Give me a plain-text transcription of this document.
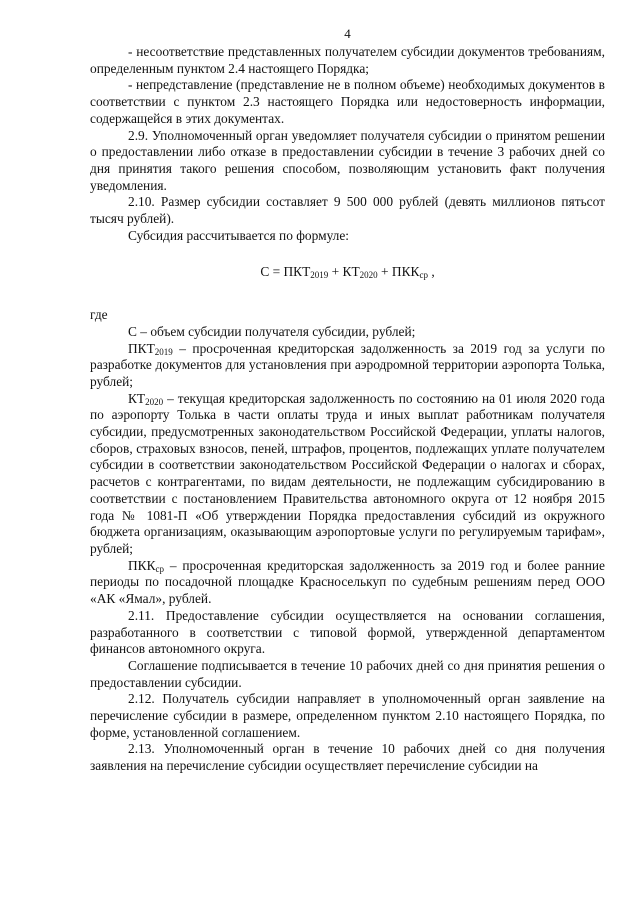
4

- несоответствие представленных получателем субсидии документов требованиям, определенным пунктом 2.4 настоящего Порядка;

- непредставление (представление не в полном объеме) необходимых документов в соответствии с пунктом 2.3 настоящего Порядка или недостоверность информации, содержащейся в этих документах.

2.9. Уполномоченный орган уведомляет получателя субсидии о принятом решении о предоставлении либо отказе в предоставлении субсидии в течение 3 рабочих дней со дня принятия такого решения способом, позволяющим установить факт получения уведомления.

2.10. Размер субсидии составляет 9 500 000 рублей (девять миллионов пятьсот тысяч рублей).

Субсидия рассчитывается по формуле:

$С = ПКТ_{2019} + КТ_{2020} + ПКК_{ср}$ ,

где

С – объем субсидии получателя субсидии, рублей;

$ПКТ_{2019}$ – просроченная кредиторская задолженность за 2019 год за услуги по разработке документов для установления при аэродромной территории аэропорта Толька, рублей;

$КТ_{2020}$ – текущая кредиторская задолженность по состоянию на 01 июля 2020 года по аэропорту Толька в части оплаты труда и иных выплат работникам получателя субсидии, предусмотренных законодательством Российской Федерации, уплаты налогов, сборов, страховых взносов, пеней, штрафов, процентов, подлежащих уплате получателем субсидии в соответствии законодательством Российской Федерации о налогах и сборах, расчетов с контрагентами, по видам деятельности, не подлежащим субсидированию в соответствии с постановлением Правительства автономного округа от 12 ноября 2015 года № 1081-П «Об утверждении Порядка предоставления субсидий из окружного бюджета организациям, оказывающим аэропортовые услуги по регулируемым тарифам», рублей;

$ПКК_{ср}$ – просроченная кредиторская задолженность за 2019 год и более ранние периоды по посадочной площадке Красноселькуп по судебным решениям перед ООО «АК «Ямал», рублей.

2.11. Предоставление субсидии осуществляется на основании соглашения, разработанного в соответствии с типовой формой, утвержденной департаментом финансов автономного округа.

Соглашение подписывается в течение 10 рабочих дней со дня принятия решения о предоставлении субсидии.

2.12. Получатель субсидии направляет в уполномоченный орган заявление на перечисление субсидии в размере, определенном пунктом 2.10 настоящего Порядка, по форме, установленной соглашением.

2.13. Уполномоченный орган в течение 10 рабочих дней со дня получения заявления на перечисление субсидии осуществляет перечисление субсидии на
